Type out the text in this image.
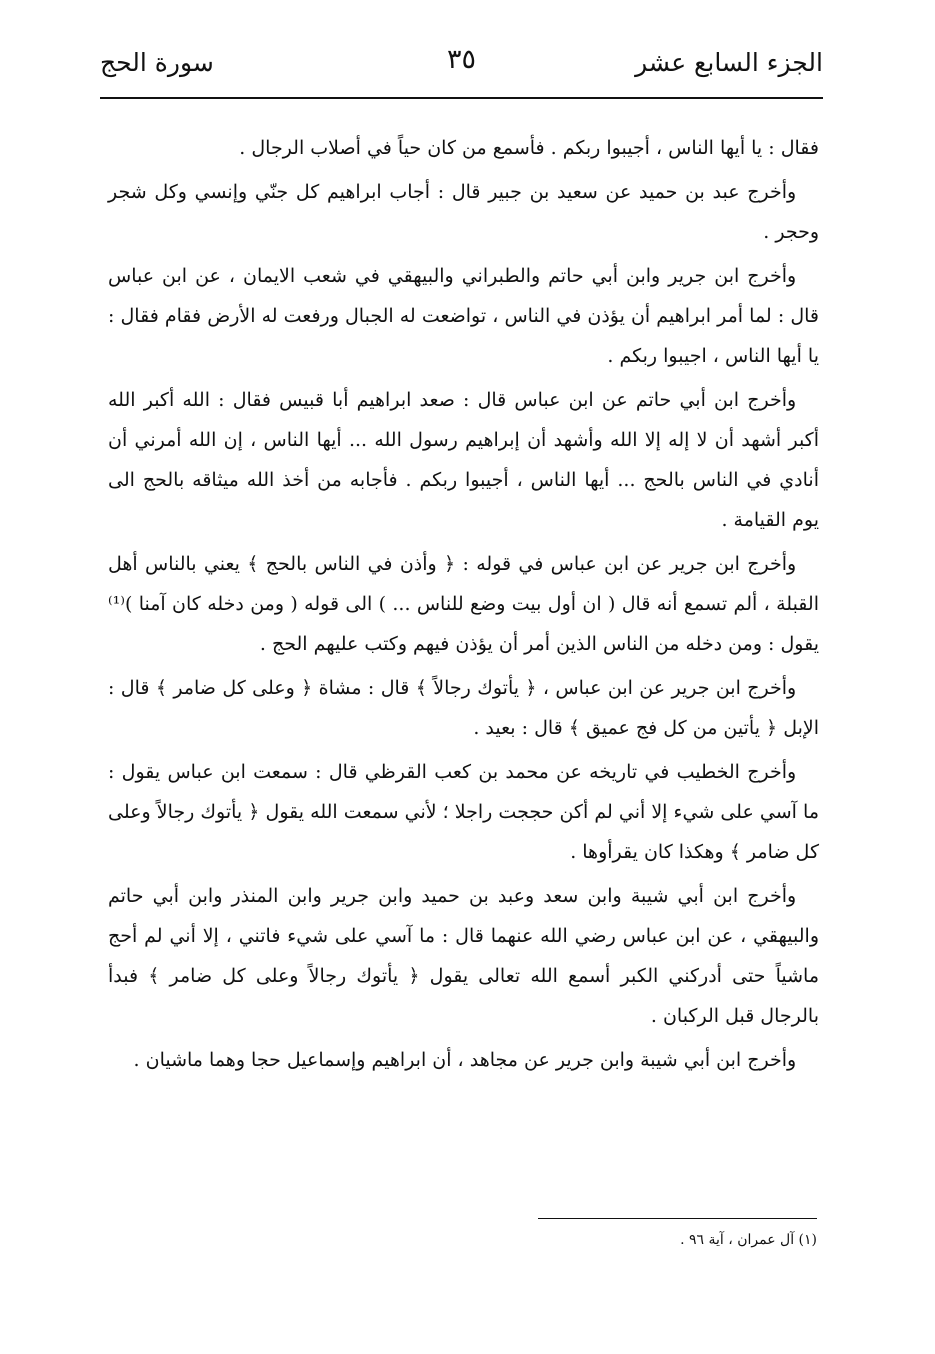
الجزء السابع عشر
٣٥
سورة الحج

فقال : يا أيها الناس ، أجيبوا ربكم . فأسمع من كان حياً في أصلاب الرجال .

وأخرج عبد بن حميد عن سعيد بن جبير قال : أجاب ابراهيم كل جنّي وإنسي وكل شجر وحجر .

وأخرج ابن جرير وابن أبي حاتم والطبراني والبيهقي في شعب الايمان ، عن ابن عباس قال : لما أمر ابراهيم أن يؤذن في الناس ، تواضعت له الجبال ورفعت له الأرض فقام فقال : يا أيها الناس ، اجيبوا ربكم .

وأخرج ابن أبي حاتم عن ابن عباس قال : صعد ابراهيم أبا قبيس فقال : الله أكبر الله أكبر أشهد أن لا إله إلا الله وأشهد أن إبراهيم رسول الله ... أيها الناس ، إن الله أمرني أن أنادي في الناس بالحج ... أيها الناس ، أجيبوا ربكم . فأجابه من أخذ الله ميثاقه بالحج الى يوم القيامة .

وأخرج ابن جرير عن ابن عباس في قوله : ﴿ وأذن في الناس بالحج ﴾ يعني بالناس أهل القبلة ، ألم تسمع أنه قال ( ان أول بيت وضع للناس ... ) الى قوله ( ومن دخله كان آمنا )⁽¹⁾ يقول : ومن دخله من الناس الذين أمر أن يؤذن فيهم وكتب عليهم الحج .

وأخرج ابن جرير عن ابن عباس ، ﴿ يأتوك رجالاً ﴾ قال : مشاة ﴿ وعلى كل ضامر ﴾ قال : الإبل ﴿ يأتين من كل فج عميق ﴾ قال : بعيد .

وأخرج الخطيب في تاريخه عن محمد بن كعب القرظي قال : سمعت ابن عباس يقول : ما آسي على شيء إلا أني لم أكن حججت راجلا ؛ لأني سمعت الله يقول ﴿ يأتوك رجالاً وعلى كل ضامر ﴾ وهكذا كان يقرأوها .

وأخرج ابن أبي شيبة وابن سعد وعبد بن حميد وابن جرير وابن المنذر وابن أبي حاتم والبيهقي ، عن ابن عباس رضي الله عنهما قال : ما آسي على شيء فاتني ، إلا أني لم أحج ماشياً حتى أدركني الكبر أسمع الله تعالى يقول ﴿ يأتوك رجالاً وعلى كل ضامر ﴾ فبدأ بالرجال قبل الركبان .

وأخرج ابن أبي شيبة وابن جرير عن مجاهد ، أن ابراهيم وإسماعيل حجا وهما ماشيان .

(١) آل عمران ، آية ٩٦ .
